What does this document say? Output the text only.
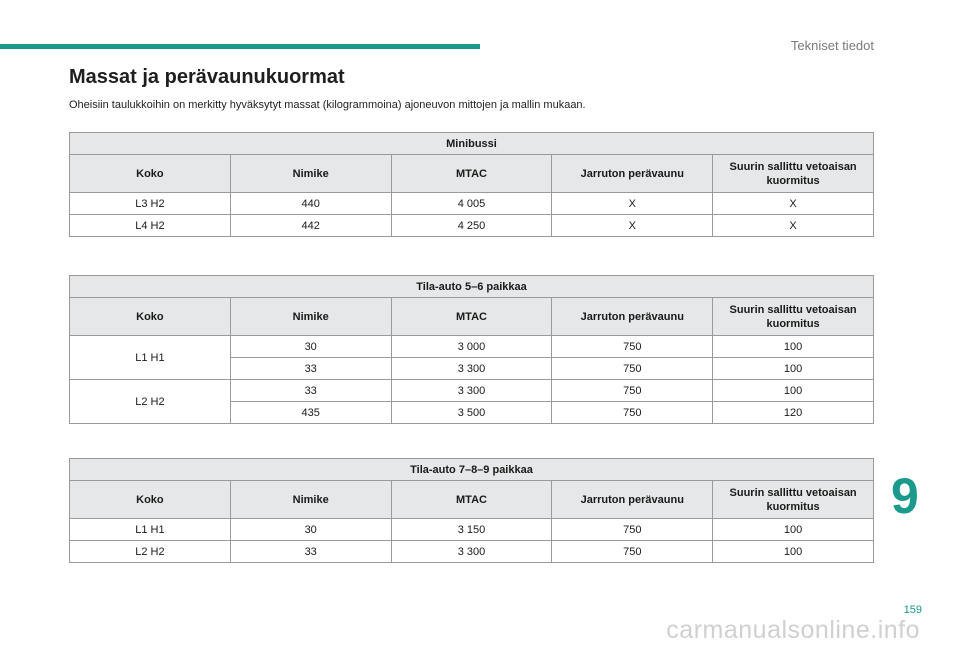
Tekniset tiedot
Massat ja perävaunukuormat
Oheisiin taulukkoihin on merkitty hyväksytyt massat (kilogrammoina) ajoneuvon mittojen ja mallin mukaan.
Minibussi				
Koko	Nimike	MTAC	Jarruton perävaunu	Suurin sallittu vetoaisan kuormitus
L3 H2	440	4 005	X	X
L4 H2	442	4 250	X	X
Tila-auto 5–6 paikkaa				
Koko	Nimike	MTAC	Jarruton perävaunu	Suurin sallittu vetoaisan kuormitus
L1 H1	30	3 000	750	100
	33	3 300	750	100
L2 H2	33	3 300	750	100
	435	3 500	750	120
Tila-auto 7–8–9 paikkaa				
Koko	Nimike	MTAC	Jarruton perävaunu	Suurin sallittu vetoaisan kuormitus
L1 H1	30	3 150	750	100
L2 H2	33	3 300	750	100
9
159
carmanualsonline.info
